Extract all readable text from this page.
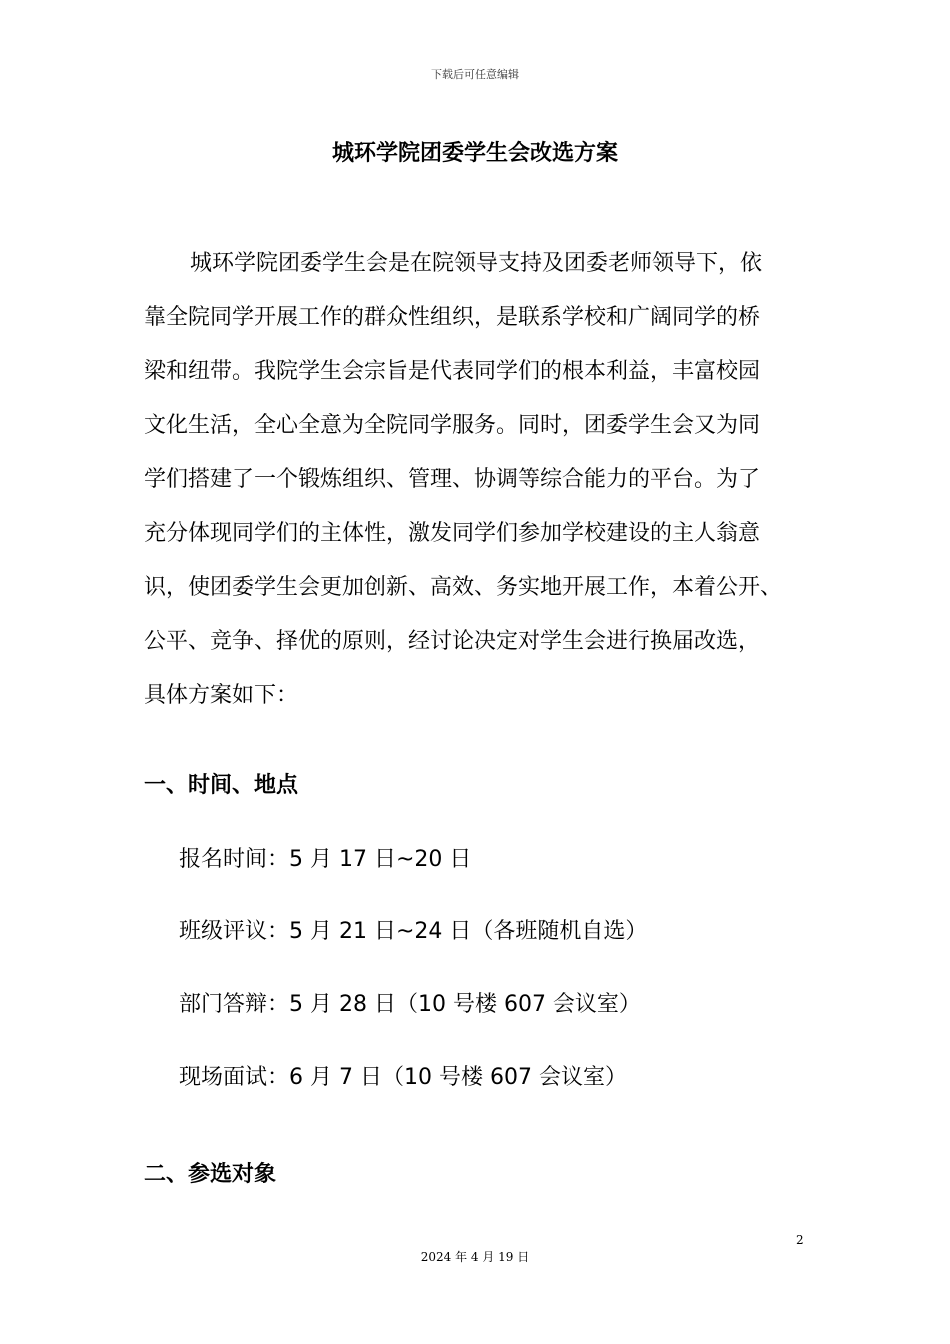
下载后可任意编辑
城环学院团委学生会改选方案
城环学院团委学生会是在院领导支持及团委老师领导下，依
靠全院同学开展工作的群众性组织，是联系学校和广阔同学的桥
梁和纽带。我院学生会宗旨是代表同学们的根本利益，丰富校园
文化生活，全心全意为全院同学服务。同时，团委学生会又为同
学们搭建了一个锻炼组织、管理、协调等综合能力的平台。为了
充分体现同学们的主体性，激发同学们参加学校建设的主人翁意
识，使团委学生会更加创新、高效、务实地开展工作，本着公开、
公平、竞争、择优的原则，经讨论决定对学生会进行换届改选，
具体方案如下：
一、时间、地点
报名时间：5 月 17 日~20 日
班级评议：5 月 21 日~24 日（各班随机自选）
部门答辩：5 月 28 日（10 号楼 607 会议室）
现场面试：6 月 7 日（10 号楼 607 会议室）
二、参选对象
2
2024 年 4 月 19 日
